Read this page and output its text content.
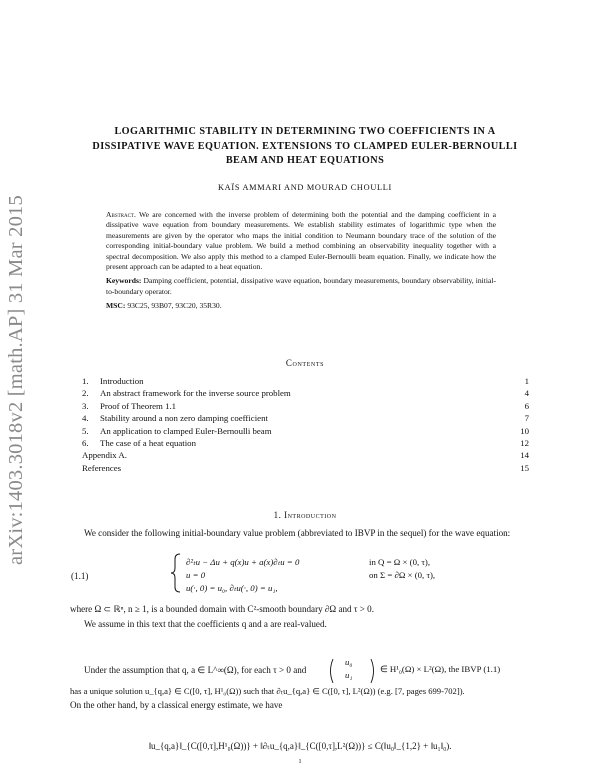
arXiv:1403.3018v2 [math.AP] 31 Mar 2015
LOGARITHMIC STABILITY IN DETERMINING TWO COEFFICIENTS IN A
DISSIPATIVE WAVE EQUATION. EXTENSIONS TO CLAMPED EULER-BERNOULLI
BEAM AND HEAT EQUATIONS
KAÏS AMMARI AND MOURAD CHOULLI

Abstract. We are concerned with the inverse problem of determining both the potential and the damping coefficient in a dissipative wave equation from boundary measurements. We establish stability estimates of logarithmic type when the measurements are given by the operator who maps the initial condition to Neumann boundary trace of the solution of the corresponding initial-boundary value problem. We build a method combining an observability inequality together with a spectral decomposition. We also apply this method to a clamped Euler-Bernoulli beam equation. Finally, we indicate how the present approach can be adapted to a heat equation.

Keywords: Damping coefficient, potential, dissipative wave equation, boundary measurements, boundary observability, initial-to-boundary operator.

MSC: 93C25, 93B07, 93C20, 35R30.

Contents
1.	Introduction	1
2.	An abstract framework for the inverse source problem	4
3.	Proof of Theorem 1.1	6
4.	Stability around a non zero damping coefficient	7
5.	An application to clamped Euler-Bernoulli beam	10
6.	The case of a heat equation	12
Appendix A.	14
References	15
1. Introduction
We consider the following initial-boundary value problem (abbreviated to IBVP in the sequel) for the wave equation:
(1.1)
∂²ₜu − Δu + q(x)u + a(x)∂ₜu = 0
u = 0
u(·, 0) = u₀, ∂ₜu(·, 0) = u₁,
in Q = Ω × (0, τ),
on Σ = ∂Ω × (0, τ),
where Ω ⊂ ℝⁿ, n ≥ 1, is a bounded domain with C²-smooth boundary ∂Ω and τ > 0.
We assume in this text that the coefficients q and a are real-valued.
Under the assumption that q, a ∈ L^∞(Ω), for each τ > 0 and
u₀
u₁
∈ H¹₀(Ω) × L²(Ω), the IBVP (1.1)
has a unique solution u_{q,a} ∈ C([0, τ], H¹₀(Ω)) such that ∂ₜu_{q,a} ∈ C([0, τ], L²(Ω)) (e.g. [7, pages 699-702]).
On the other hand, by a classical energy estimate, we have
‖u_{q,a}‖_{C([0,τ],H¹₀(Ω))} + ‖∂ₜu_{q,a}‖_{C([0,τ],L²(Ω))} ≤ C(‖u₀‖_{1,2} + ‖u₁‖₀).
1
